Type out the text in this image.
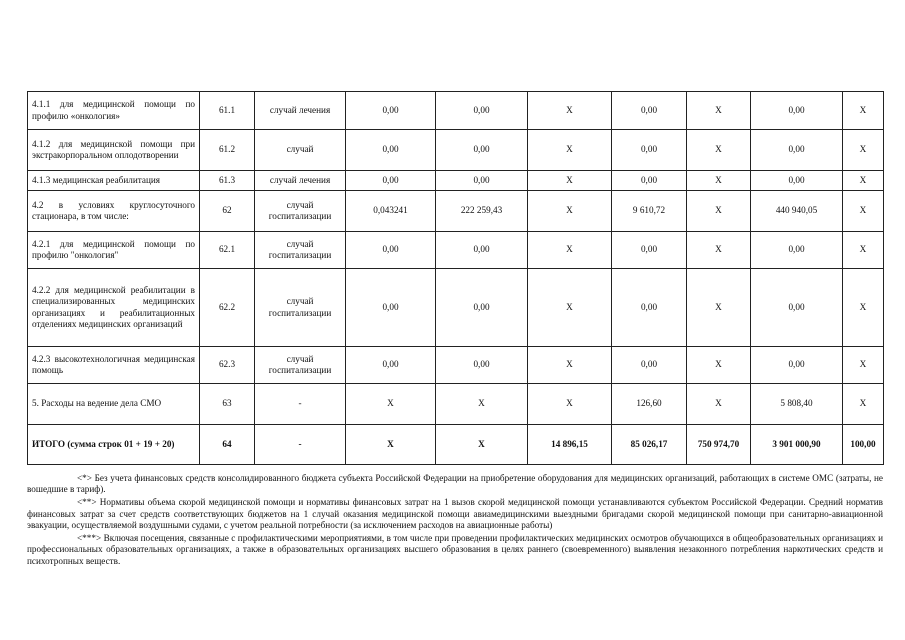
4.1.1 для медицинской помощи по профилю «онкология»	61.1	случай лечения	0,00	0,00	Х	0,00	Х	0,00	Х
4.1.2 для медицинской помощи при экстракорпоральном оплодотворении	61.2	случай	0,00	0,00	Х	0,00	Х	0,00	Х
4.1.3 медицинская реабилитация	61.3	случай лечения	0,00	0,00	Х	0,00	Х	0,00	Х
4.2 в условиях круглосуточного стационара, в том числе:	62	случай госпитализации	0,043241	222 259,43	Х	9 610,72	Х	440 940,05	Х
4.2.1 для медицинской помощи по профилю "онкология"	62.1	случай госпитализации	0,00	0,00	Х	0,00	Х	0,00	Х
4.2.2 для медицинской реабилитации в специализированных медицинских организациях и реабилитационных отделениях медицинских организаций	62.2	случай госпитализации	0,00	0,00	Х	0,00	Х	0,00	Х
4.2.3 высокотехнологичная медицинская помощь	62.3	случай госпитализации	0,00	0,00	Х	0,00	Х	0,00	Х
5. Расходы на ведение дела СМО	63	-	Х	Х	Х	126,60	Х	5 808,40	Х
ИТОГО (сумма строк 01 + 19 + 20)	64	-	Х	Х	14 896,15	85 026,17	750 974,70	3 901 000,90	100,00

<*> Без учета финансовых средств консолидированного бюджета субъекта Российской Федерации на приобретение оборудования для медицинских организаций, работающих в системе ОМС (затраты, не вошедшие в тариф).

<**> Нормативы объема скорой медицинской помощи и нормативы финансовых затрат на 1 вызов скорой медицинской помощи устанавливаются субъектом Российской Федерации. Средний норматив финансовых затрат за счет средств соответствующих бюджетов на 1 случай оказания медицинской помощи авиамедицинскими выездными бригадами скорой медицинской помощи при санитарно-авиационной эвакуации, осуществляемой воздушными судами, с учетом реальной потребности (за исключением расходов на авиационные работы)

<***> Включая посещения, связанные с профилактическими мероприятиями, в том числе при проведении профилактических медицинских осмотров обучающихся в общеобразовательных организациях и профессиональных образовательных организациях, а также в образовательных организациях высшего образования в целях раннего (своевременного) выявления незаконного потребления наркотических средств и психотропных веществ.
